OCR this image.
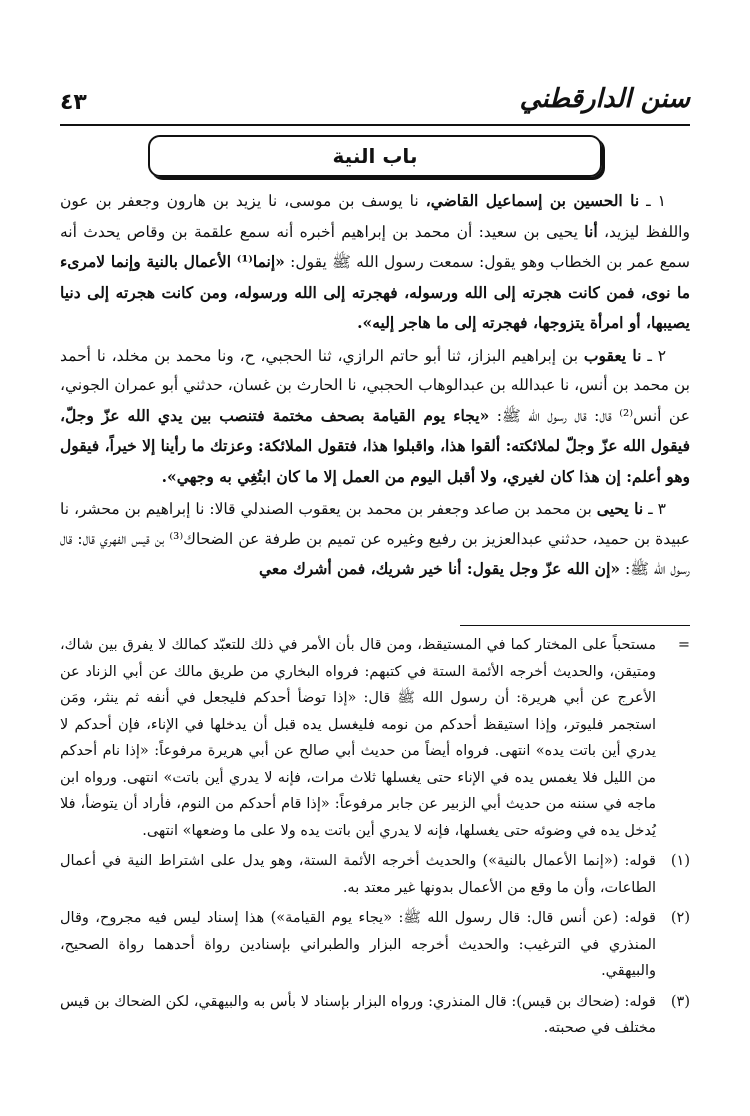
سنن الدارقطني
٤٣
باب النية

١ ـ نا الحسين بن إسماعيل القاضي، نا يوسف بن موسى، نا يزيد بن هارون وجعفر بن عون واللفظ ليزيد، أنا يحيى بن سعيد: أن محمد بن إبراهيم أخبره أنه سمع علقمة بن وقاص يحدث أنه سمع عمر بن الخطاب وهو يقول: سمعت رسول الله ﷺ يقول: «إنما⁽¹⁾ الأعمال بالنية وإنما لامرىء ما نوى، فمن كانت هجرته إلى الله ورسوله، فهجرته إلى الله ورسوله، ومن كانت هجرته إلى دنيا يصيبها، أو امرأة يتزوجها، فهجرته إلى ما هاجر إليه».

٢ ـ نا يعقوب بن إبراهيم البزاز، ثنا أبو حاتم الرازي، ثنا الحجبي، ح، ونا محمد بن مخلد، نا أحمد بن محمد بن أنس، نا عبدالله بن عبدالوهاب الحجبي، نا الحارث بن غسان، حدثني أبو عمران الجوني، عن أنس⁽²⁾ قال: قال رسول الله ﷺ: «يجاء يوم القيامة بصحف مختمة فتنصب بين يدي الله عزّ وجلّ، فيقول الله عزّ وجلّ لملائكته: ألقوا هذا، واقبلوا هذا، فتقول الملائكة: وعزتك ما رأينا إلا خيراً، فيقول وهو أعلم: إن هذا كان لغيري، ولا أقبل اليوم من العمل إلا ما كان ابتُغِي به وجهي».

٣ ـ نا يحيى بن محمد بن صاعد وجعفر بن محمد بن يعقوب الصندلي قالا: نا إبراهيم بن محشر، نا عبيدة بن حميد، حدثني عبدالعزيز بن رفيع وغيره عن تميم بن طرفة عن الضحاك⁽³⁾ بن قيس الفهري قال: قال رسول الله ﷺ: «إن الله عزّ وجل يقول: أنا خير شريك، فمن أشرك معي

=
مستحباً على المختار كما في المستيقظ، ومن قال بأن الأمر في ذلك للتعبّد كمالك لا يفرق بين شاك، ومتيقن، والحديث أخرجه الأئمة الستة في كتبهم: فرواه البخاري من طريق مالك عن أبي الزناد عن الأعرج عن أبي هريرة: أن رسول الله ﷺ قال: «إذا توضأ أحدكم فليجعل في أنفه ثم ينثر، ومَن استجمر فليوتر، وإذا استيقظ أحدكم من نومه فليغسل يده قبل أن يدخلها في الإناء، فإن أحدكم لا يدري أين باتت يده» انتهى. فرواه أيضاً من حديث أبي صالح عن أبي هريرة مرفوعاً: «إذا نام أحدكم من الليل فلا يغمس يده في الإناء حتى يغسلها ثلاث مرات، فإنه لا يدري أين باتت» انتهى. ورواه ابن ماجه في سننه من حديث أبي الزبير عن جابر مرفوعاً: «إذا قام أحدكم من النوم، فأراد أن يتوضأ، فلا يُدخل يده في وضوئه حتى يغسلها، فإنه لا يدري أين باتت يده ولا على ما وضعها» انتهى.
(١)
قوله: («إنما الأعمال بالنية») والحديث أخرجه الأئمة الستة، وهو يدل على اشتراط النية في أعمال الطاعات، وأن ما وقع من الأعمال بدونها غير معتد به.
(٢)
قوله: (عن أنس قال: قال رسول الله ﷺ: «يجاء يوم القيامة») هذا إسناد ليس فيه مجروح، وقال المنذري في الترغيب: والحديث أخرجه البزار والطبراني بإسنادين رواة أحدهما رواة الصحيح، والبيهقي.
(٣)
قوله: (ضحاك بن قيس): قال المنذري: ورواه البزار بإسناد لا بأس به والبيهقي، لكن الضحاك بن قيس مختلف في صحبته.
